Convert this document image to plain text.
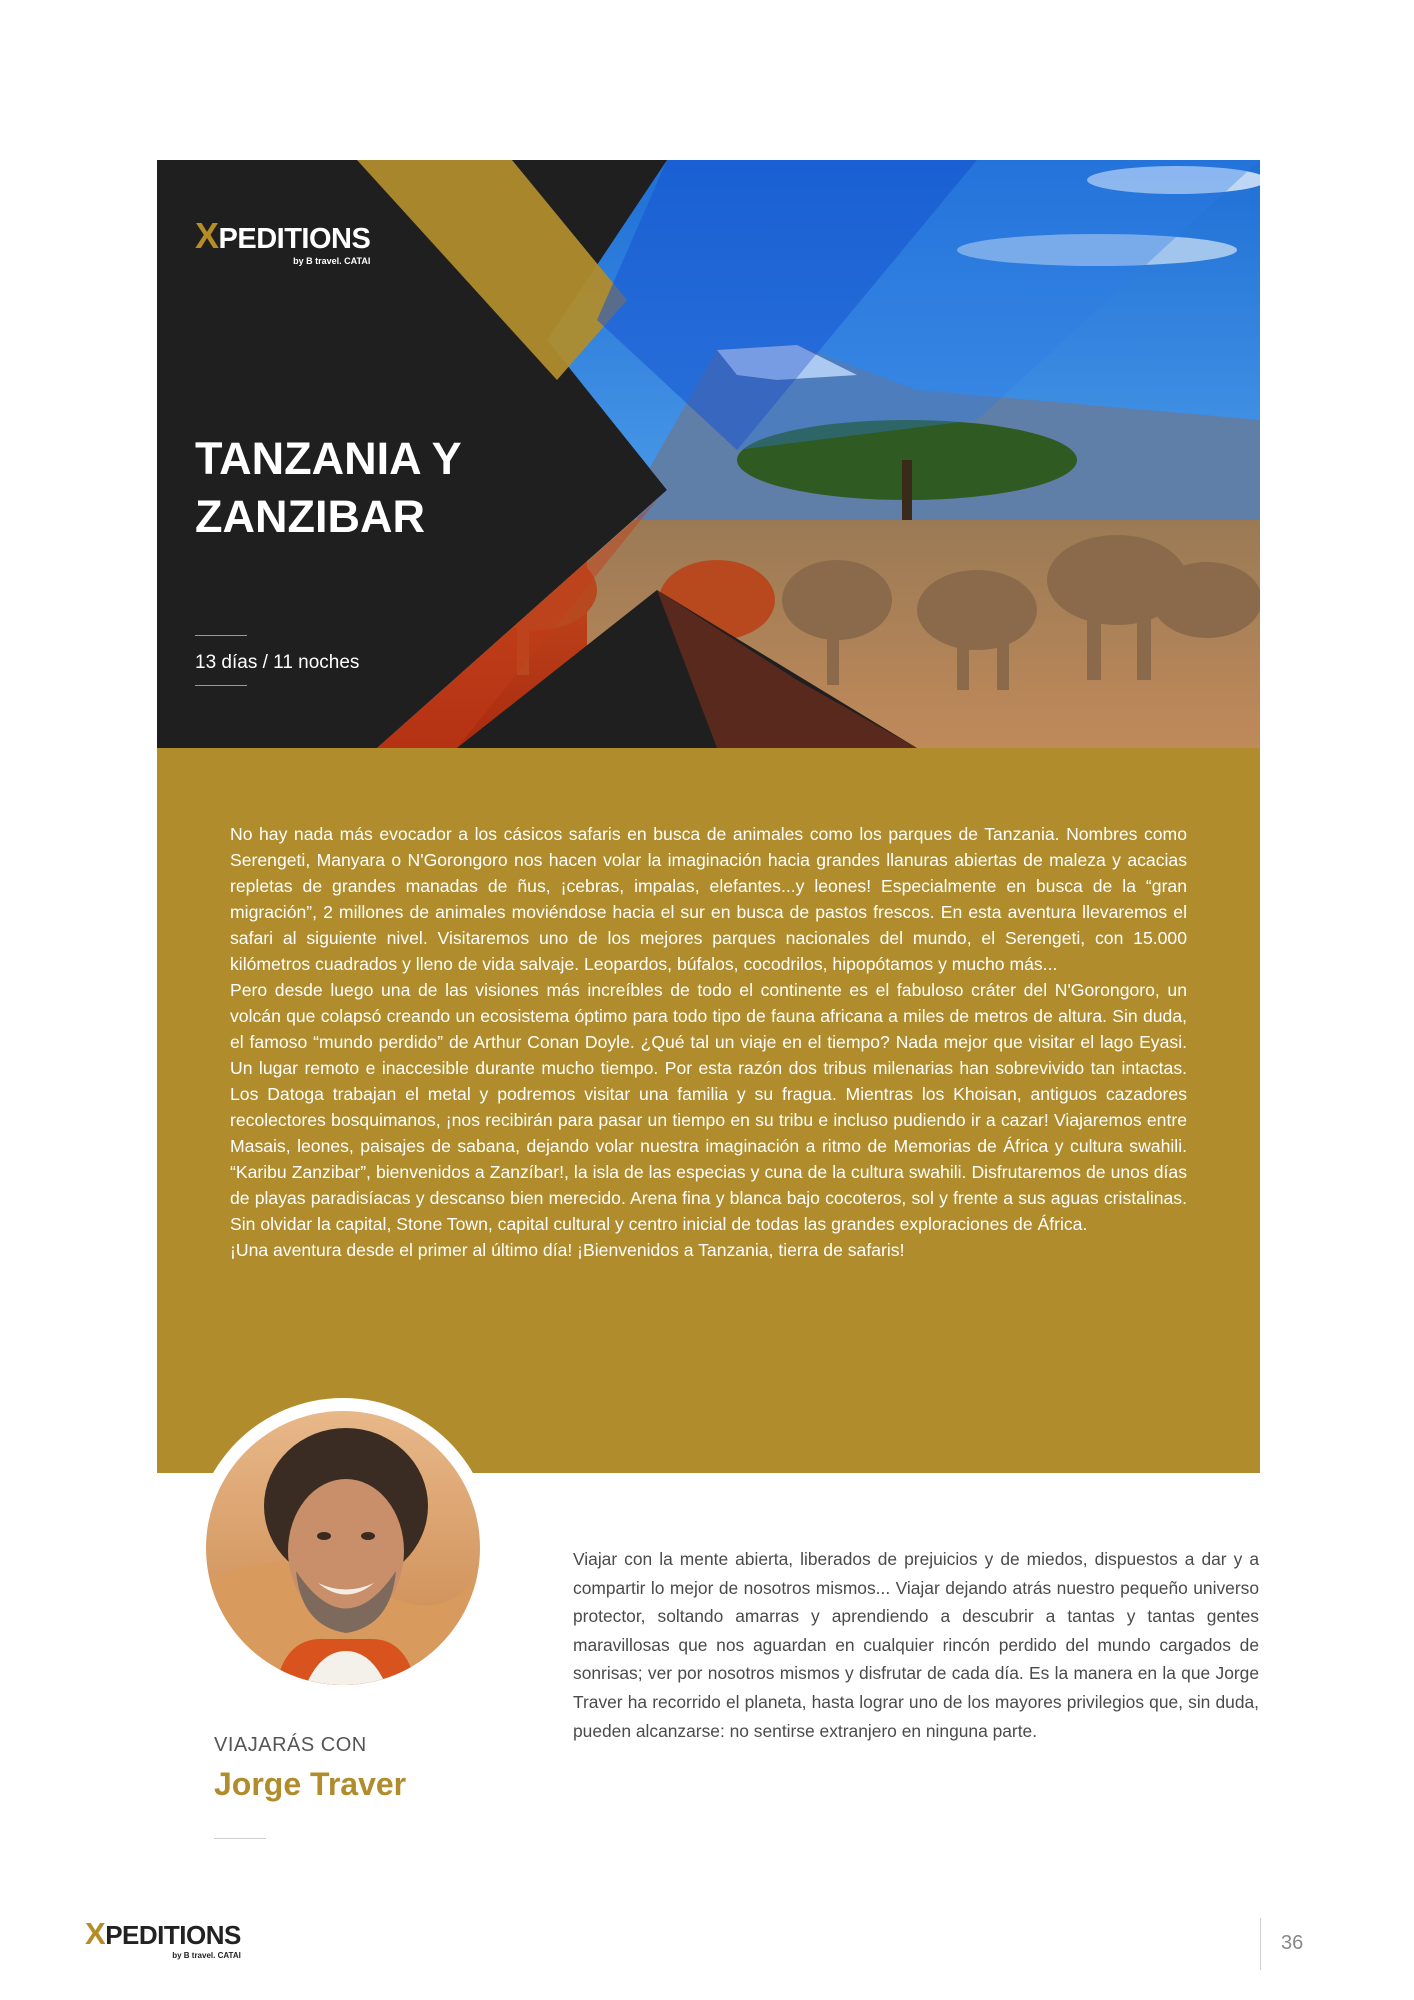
XPEDITIONS
by B travel. CATAI
TANZANIA Y ZANZIBAR
13 días / 11 noches

No hay nada más evocador a los cásicos safaris en busca de animales como los parques de Tanzania. Nombres como Serengeti, Manyara o N'Gorongoro nos hacen volar la imaginación hacia grandes llanuras abiertas de maleza y acacias repletas de grandes manadas de ñus, ¡cebras, impalas, elefantes...y leones! Especialmente en busca de la “gran migración”, 2 millones de animales moviéndose hacia el sur en busca de pastos frescos. En esta aventura llevaremos el safari al siguiente nivel. Visitaremos uno de los mejores parques nacionales del mundo, el Serengeti, con 15.000 kilómetros cuadrados y lleno de vida salvaje. Leopardos, búfalos, cocodrilos, hipopótamos y mucho más...

Pero desde luego una de las visiones más increíbles de todo el continente es el fabuloso cráter del N'Gorongoro, un volcán que colapsó creando un ecosistema óptimo para todo tipo de fauna africana a miles de metros de altura. Sin duda, el famoso “mundo perdido” de Arthur Conan Doyle. ¿Qué tal un viaje en el tiempo? Nada mejor que visitar el lago Eyasi. Un lugar remoto e inaccesible durante mucho tiempo. Por esta razón dos tribus milenarias han sobrevivido tan intactas. Los Datoga trabajan el metal y podremos visitar una familia y su fragua. Mientras los Khoisan, antiguos cazadores recolectores bosquimanos, ¡nos recibirán para pasar un tiempo en su tribu e incluso pudiendo ir a cazar! Viajaremos entre Masais, leones, paisajes de sabana, dejando volar nuestra imaginación a ritmo de Memorias de África y cultura swahili. “Karibu Zanzibar”, bienvenidos a Zanzíbar!, la isla de las especias y cuna de la cultura swahili. Disfrutaremos de unos días de playas paradisíacas y descanso bien merecido. Arena fina y blanca bajo cocoteros, sol y frente a sus aguas cristalinas. Sin olvidar la capital, Stone Town, capital cultural y centro inicial de todas las grandes exploraciones de África.

¡Una aventura desde el primer al último día! ¡Bienvenidos a Tanzania, tierra de safaris!

Viajar con la mente abierta, liberados de prejuicios y de miedos, dispuestos a dar y a compartir lo mejor de nosotros mismos... Viajar dejando atrás nuestro pequeño universo protector, soltando amarras y aprendiendo a descubrir a tantas y tantas gentes maravillosas que nos aguardan en cualquier rincón perdido del mundo cargados de sonrisas; ver por nosotros mismos y disfrutar de cada día. Es la manera en la que Jorge Traver ha recorrido el planeta, hasta lograr uno de los mayores privilegios que, sin duda, pueden alcanzarse: no sentirse extranjero en ninguna parte.

VIAJARÁS CON
Jorge Traver
XPEDITIONS
by B travel. CATAI
36
